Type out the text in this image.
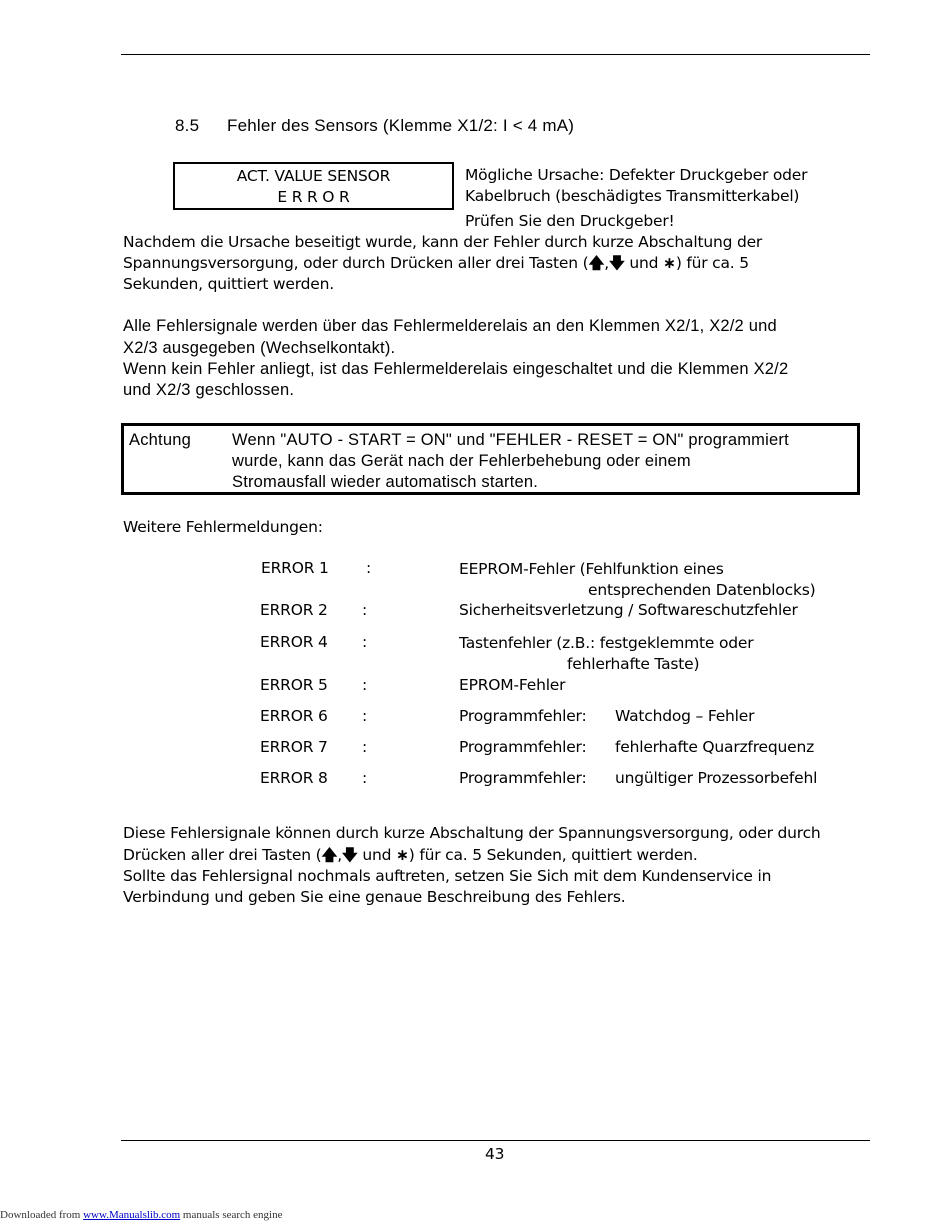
8.5 Fehler des Sensors (Klemme X1/2: I < 4 mA)
ACT. VALUE SENSOR
E R R O R
Mögliche Ursache: Defekter Druckgeber oder
Kabelbruch (beschädigtes Transmitterkabel)
Prüfen Sie den Druckgeber!
Nachdem die Ursache beseitigt wurde, kann der Fehler durch kurze Abschaltung der
Spannungsversorgung, oder durch Drücken aller drei Tasten (🡅,🡇 und ∗) für ca. 5
Sekunden, quittiert werden.
Alle Fehlersignale werden über das Fehlermelderelais an den Klemmen X2/1, X2/2 und
X2/3 ausgegeben (Wechselkontakt).
Wenn kein Fehler anliegt, ist das Fehlermelderelais eingeschaltet und die Klemmen X2/2
und X2/3 geschlossen.
Achtung Wenn "AUTO - START = ON" und "FEHLER - RESET = ON" programmiert
wurde, kann das Gerät nach der Fehlerbehebung oder einem
Stromausfall wieder automatisch starten.
Weitere Fehlermeldungen:
ERROR 1 :	EEPROM-Fehler (Fehlfunktion eines
entsprechenden Datenblocks)
ERROR 2 :	Sicherheitsverletzung / Softwareschutzfehler
ERROR 4 :	Tastenfehler (z.B.: festgeklemmte oder
fehlerhafte Taste)
ERROR 5 :	EPROM-Fehler
ERROR 6 :	Programmfehler: Watchdog – Fehler
ERROR 7 :	Programmfehler: fehlerhafte Quarzfrequenz
ERROR 8 :	Programmfehler: ungültiger Prozessorbefehl
Diese Fehlersignale können durch kurze Abschaltung der Spannungsversorgung, oder durch
Drücken aller drei Tasten (🡅,🡇 und ∗) für ca. 5 Sekunden, quittiert werden.
Sollte das Fehlersignal nochmals auftreten, setzen Sie Sich mit dem Kundenservice in
Verbindung und geben Sie eine genaue Beschreibung des Fehlers.
43
Downloaded from www.Manualslib.com manuals search engine
